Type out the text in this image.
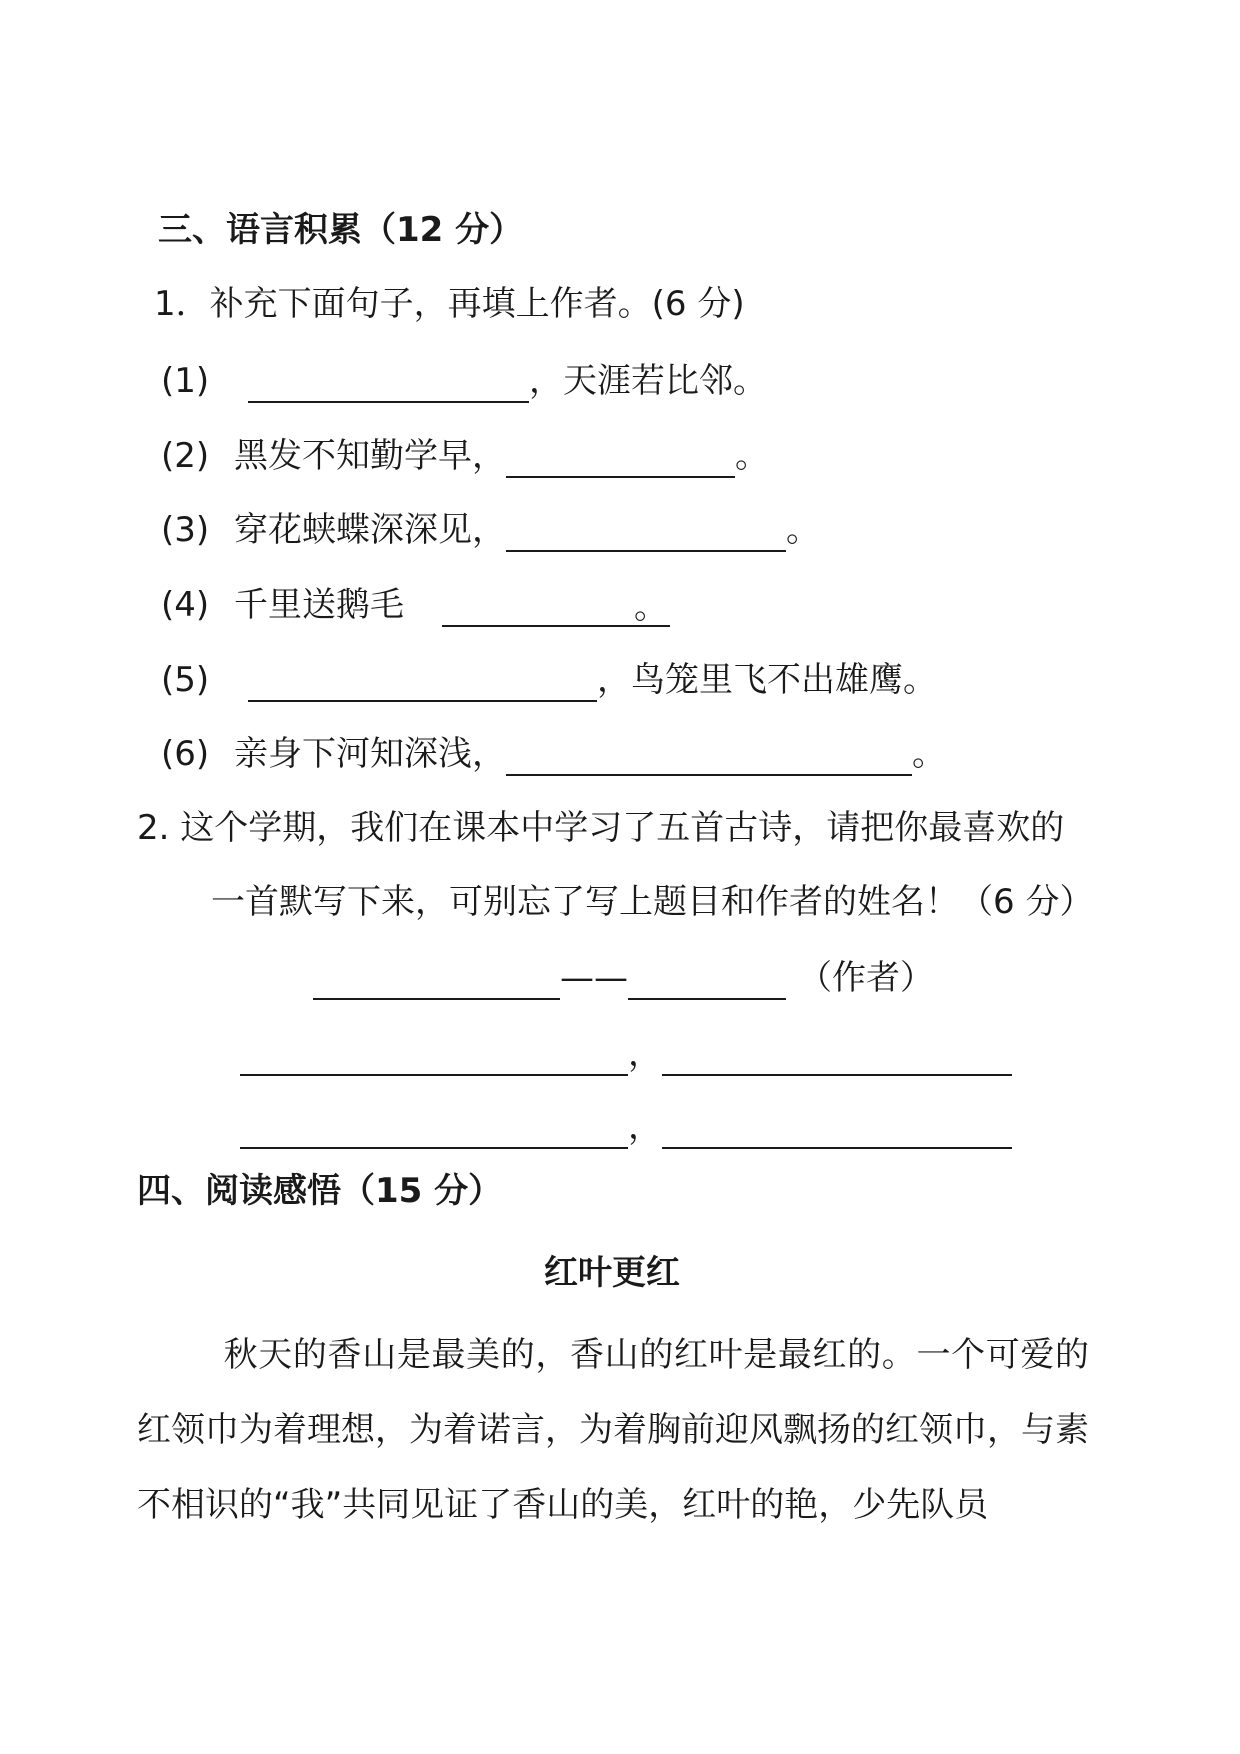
三、语言积累（12 分）
1．补充下面句子，再填上作者。(6 分)
(1)	，天涯若比邻。
(2) 黑发不知勤学早，	。
(3) 穿花蛱蝶深深见，	。
(4) 千里送鹅毛	。
(5)	，鸟笼里飞不出雄鹰。
(6) 亲身下河知深浅，	。
2. 这个学期，我们在课本中学习了五首古诗，请把你最喜欢的
一首默写下来，可别忘了写上题目和作者的姓名！（6 分）
——	（作者）
，
，
四、阅读感悟（15 分）
红叶更红
秋天的香山是最美的，香山的红叶是最红的。一个可爱的红领巾为着理想，为着诺言，为着胸前迎风飘扬的红领巾，与素不相识的“我”共同见证了香山的美，红叶的艳，少先队员
